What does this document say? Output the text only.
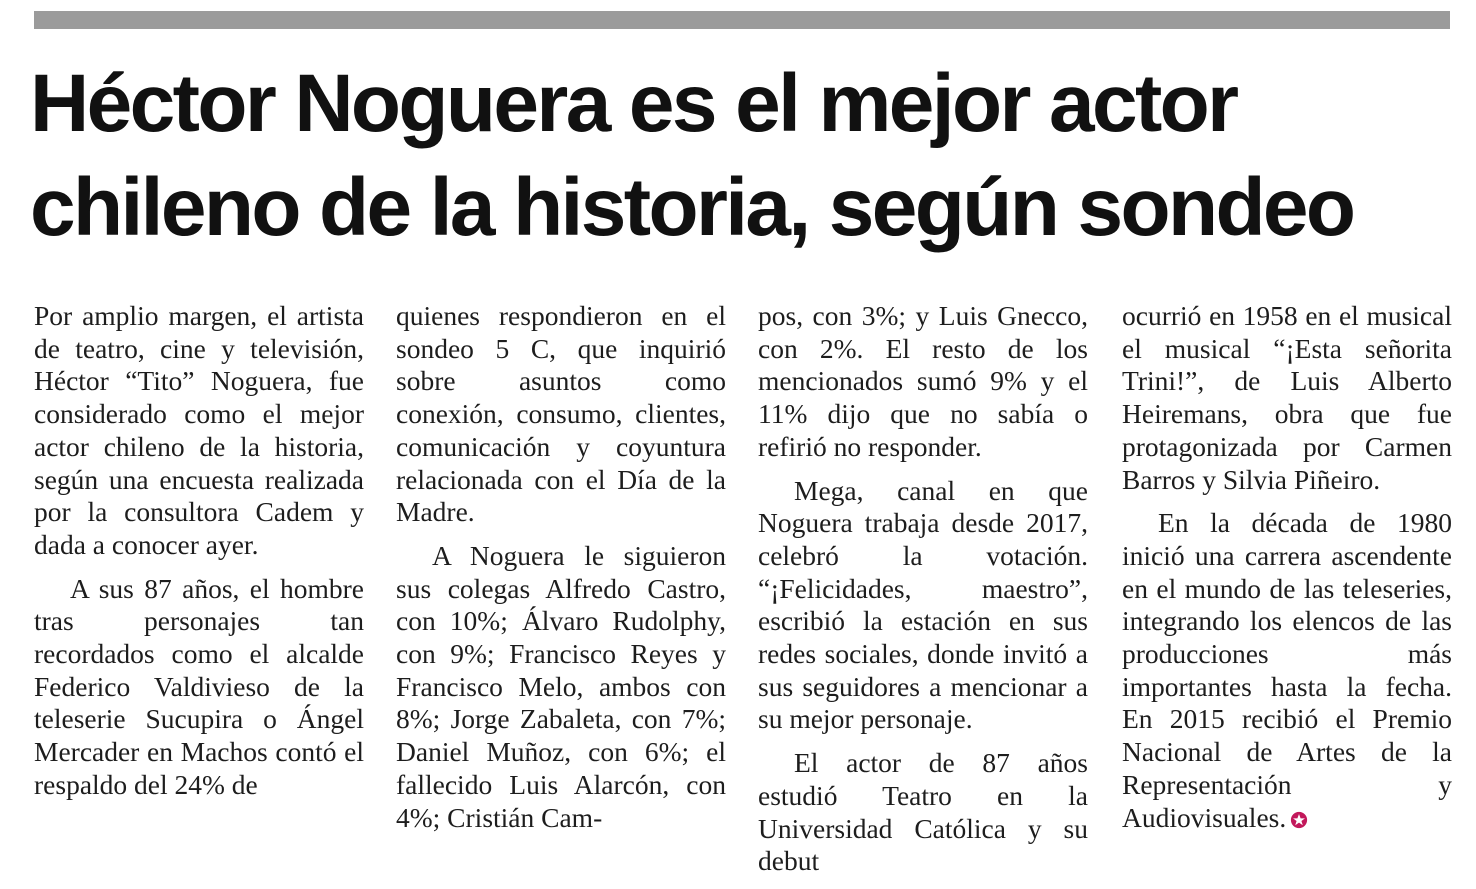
Héctor Noguera es el mejor actor
chileno de la historia, según sondeo

Por amplio margen, el artista de teatro, cine y televisión, Héctor “Tito” Noguera, fue considerado como el mejor actor chileno de la historia, según una encuesta realizada por la consultora Cadem y dada a conocer ayer.

A sus 87 años, el hombre tras personajes tan recordados como el alcalde Federico Valdivieso de la teleserie Sucupira o Ángel Mercader en Machos contó el respaldo del 24% de

quienes respondieron en el sondeo 5 C, que inquirió sobre asuntos como conexión, consumo, clientes, comunicación y coyuntura relacionada con el Día de la Madre.

A Noguera le siguieron sus colegas Alfredo Castro, con 10%; Álvaro Rudolphy, con 9%; Francisco Reyes y Francisco Melo, ambos con 8%; Jorge Zabaleta, con 7%; Daniel Muñoz, con 6%; el fallecido Luis Alarcón, con 4%; Cristián Cam-

pos, con 3%; y Luis Gnecco, con 2%. El resto de los mencionados sumó 9% y el 11% dijo que no sabía o refirió no responder.

Mega, canal en que Noguera trabaja desde 2017, celebró la votación. “¡Felicidades, maestro”, escribió la estación en sus redes sociales, donde invitó a sus seguidores a mencionar a su mejor personaje.

El actor de 87 años estudió Teatro en la Universidad Católica y su debut

ocurrió en 1958 en el musical el musical “¡Esta señorita Trini!”, de Luis Alberto Heiremans, obra que fue protagonizada por Carmen Barros y Silvia Piñeiro.

En la década de 1980 inició una carrera ascendente en el mundo de las teleseries, integrando los elencos de las producciones más importantes hasta la fecha. En 2015 recibió el Premio Nacional de Artes de la Representación y Audiovisuales.
